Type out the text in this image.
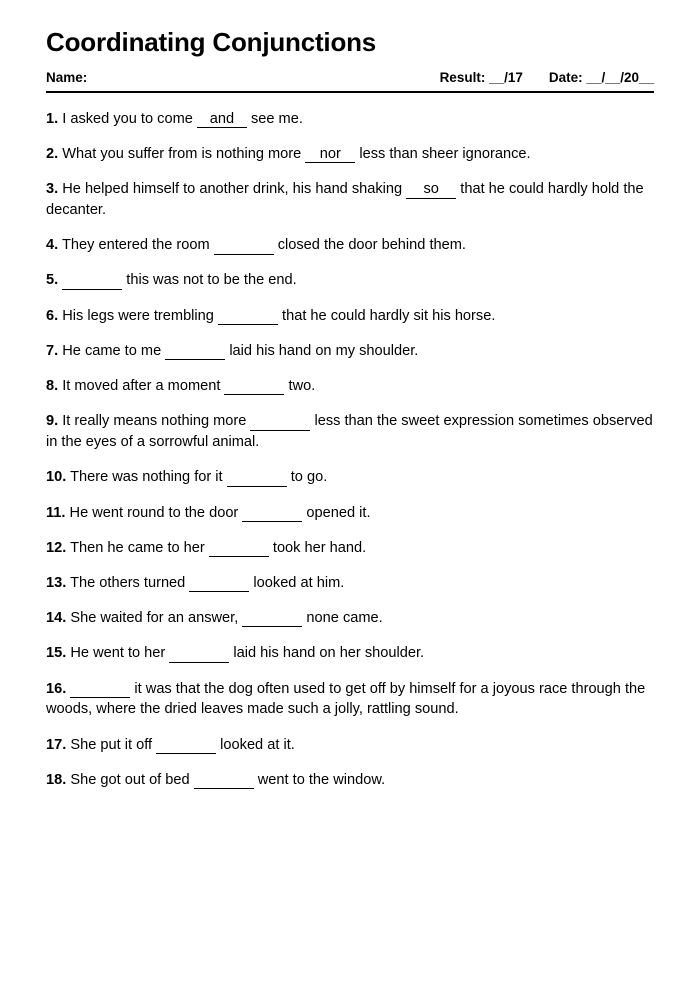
Coordinating Conjunctions
Name:	Result: __/17 Date: __/__/20__

1. I asked you to come and see me.

2. What you suffer from is nothing more nor less than sheer ignorance.

3. He helped himself to another drink, his hand shaking so that he could hardly hold the decanter.

4. They entered the room	closed the door behind them.

5.	this was not to be the end.

6. His legs were trembling	that he could hardly sit his horse.

7. He came to me	laid his hand on my shoulder.

8. It moved after a moment	two.

9. It really means nothing more	less than the sweet expression sometimes observed in the eyes of a sorrowful animal.

10. There was nothing for it	to go.

11. He went round to the door	opened it.

12. Then he came to her	took her hand.

13. The others turned	looked at him.

14. She waited for an answer,	none came.

15. He went to her	laid his hand on her shoulder.

16.	it was that the dog often used to get off by himself for a joyous race through the woods, where the dried leaves made such a jolly, rattling sound.

17. She put it off	looked at it.

18. She got out of bed	went to the window.
